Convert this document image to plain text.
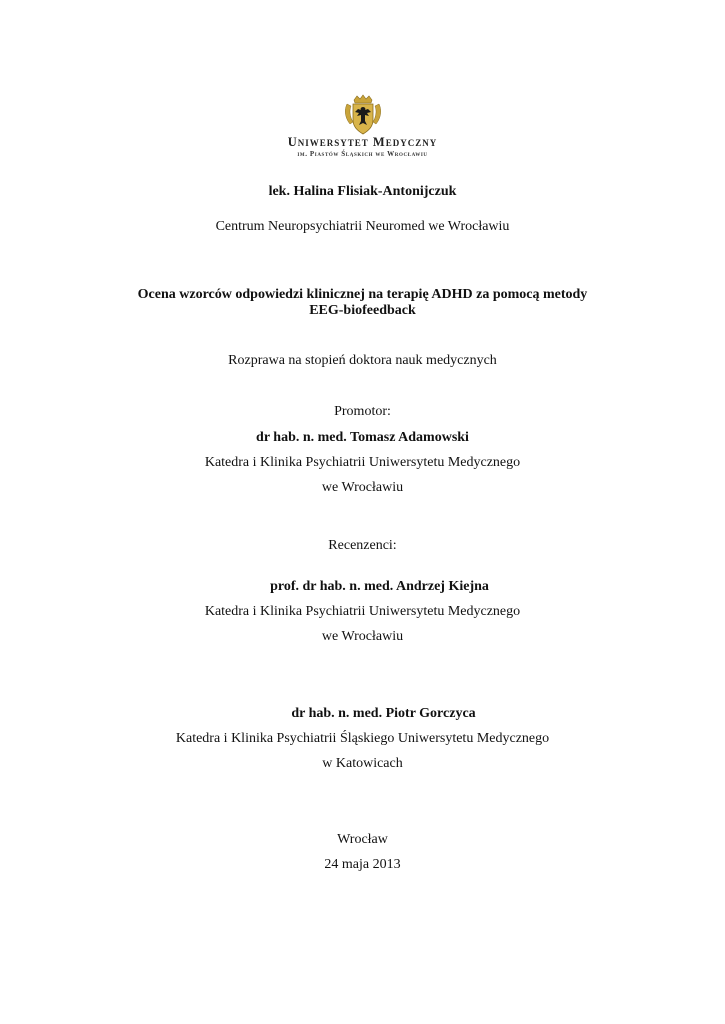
Uniwersytet Medyczny
im. Piastów Śląskich we Wrocławiu
lek. Halina Flisiak-Antonijczuk
Centrum Neuropsychiatrii Neuromed we Wrocławiu
Ocena wzorców odpowiedzi klinicznej na terapię ADHD za pomocą metody
EEG-biofeedback
Rozprawa na stopień doktora nauk medycznych
Promotor:
dr hab. n. med. Tomasz Adamowski
Katedra i Klinika Psychiatrii Uniwersytetu Medycznego
we Wrocławiu
Recenzenci:
prof. dr hab. n. med. Andrzej Kiejna
Katedra i Klinika Psychiatrii Uniwersytetu Medycznego
we Wrocławiu
dr hab. n. med. Piotr Gorczyca
Katedra i Klinika Psychiatrii Śląskiego Uniwersytetu Medycznego
w Katowicach
Wrocław
24 maja 2013
